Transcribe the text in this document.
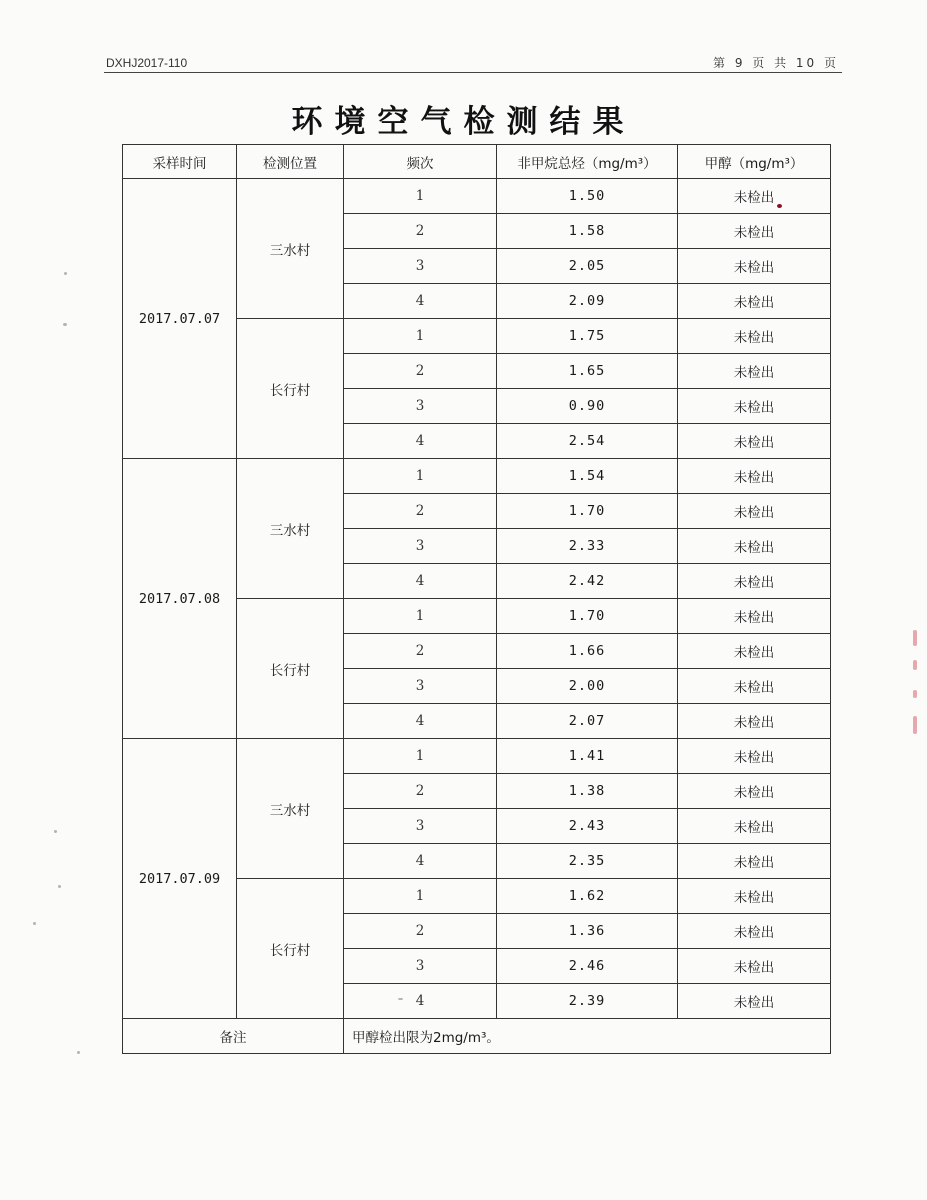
DXHJ2017-110	第 9 页 共 10 页
环境空气检测结果
采样时间	检测位置	频次	非甲烷总烃（mg/m³）	甲醇（mg/m³）
2017.07.07	三水村	1	1.50	未检出
		2	1.58	未检出
		3	2.05	未检出
		4	2.09	未检出
	长行村	1	1.75	未检出
		2	1.65	未检出
		3	0.90	未检出
		4	2.54	未检出
2017.07.08	三水村	1	1.54	未检出
		2	1.70	未检出
		3	2.33	未检出
		4	2.42	未检出
	长行村	1	1.70	未检出
		2	1.66	未检出
		3	2.00	未检出
		4	2.07	未检出
2017.07.09	三水村	1	1.41	未检出
		2	1.38	未检出
		3	2.43	未检出
		4	2.35	未检出
	长行村	1	1.62	未检出
		2	1.36	未检出
		3	2.46	未检出
		4	2.39	未检出
备注		甲醇检出限为2mg/m³。		
